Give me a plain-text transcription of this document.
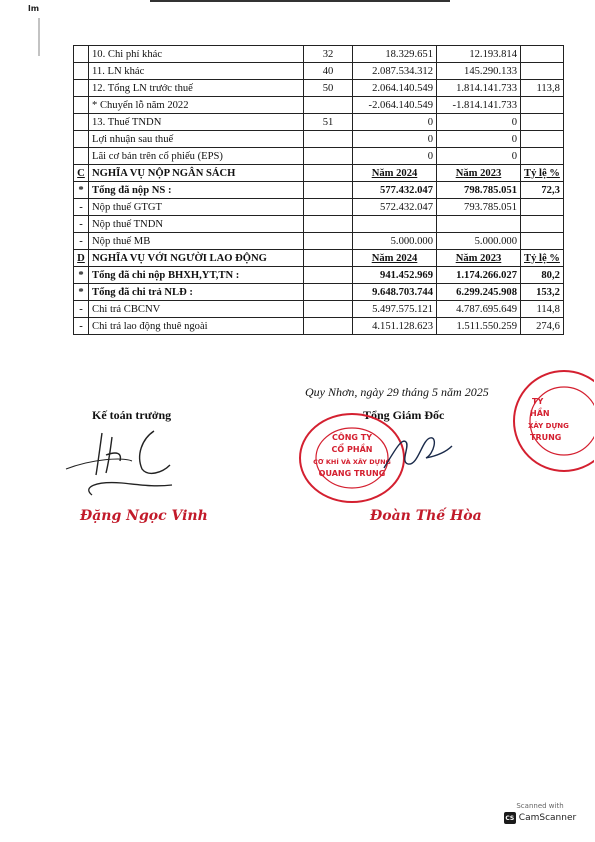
lm
	10. Chi phí khác	32	18.329.651	12.193.814	
	11. LN khác	40	2.087.534.312	145.290.133	
	12. Tổng LN trước thuế	50	2.064.140.549	1.814.141.733	113,8
	* Chuyển lỗ năm 2022		-2.064.140.549	-1.814.141.733	
	13. Thuế TNDN	51	0	0	
	Lợi nhuận sau thuế		0	0	
	Lãi cơ bản trên cổ phiếu (EPS)		0	0	
C	NGHĨA VỤ NỘP NGÂN SÁCH		Năm 2024	Năm 2023	Tỷ lệ %
*	Tổng đã nộp NS :		577.432.047	798.785.051	72,3
-	Nộp thuế GTGT		572.432.047	793.785.051	
-	Nộp thuế TNDN				
-	Nộp thuế MB		5.000.000	5.000.000	
D	NGHĨA VỤ VỚI NGƯỜI LAO ĐỘNG		Năm 2024	Năm 2023	Tỷ lệ %
*	Tổng đã chi nộp BHXH,YT,TN :		941.452.969	1.174.266.027	80,2
*	Tổng đã chi trả NLĐ :		9.648.703.744	6.299.245.908	153,2
-	Chi trả CBCNV		5.497.575.121	4.787.695.649	114,8
-	Chi trả lao động thuê ngoài		4.151.128.623	1.511.550.259	274,6
Quy Nhơn, ngày 29 tháng 5 năm 2025
Kế toán trưởng	Tổng Giám Đốc
CÔNG TY
CỔ PHẦN
CƠ KHÍ VÀ XÂY DỰNG
QUANG TRUNG
TY
HẦN
XÂY DỰNG
TRUNG
Đặng Ngọc Vinh	Đoàn Thế Hòa
Scanned with
CS CamScanner
